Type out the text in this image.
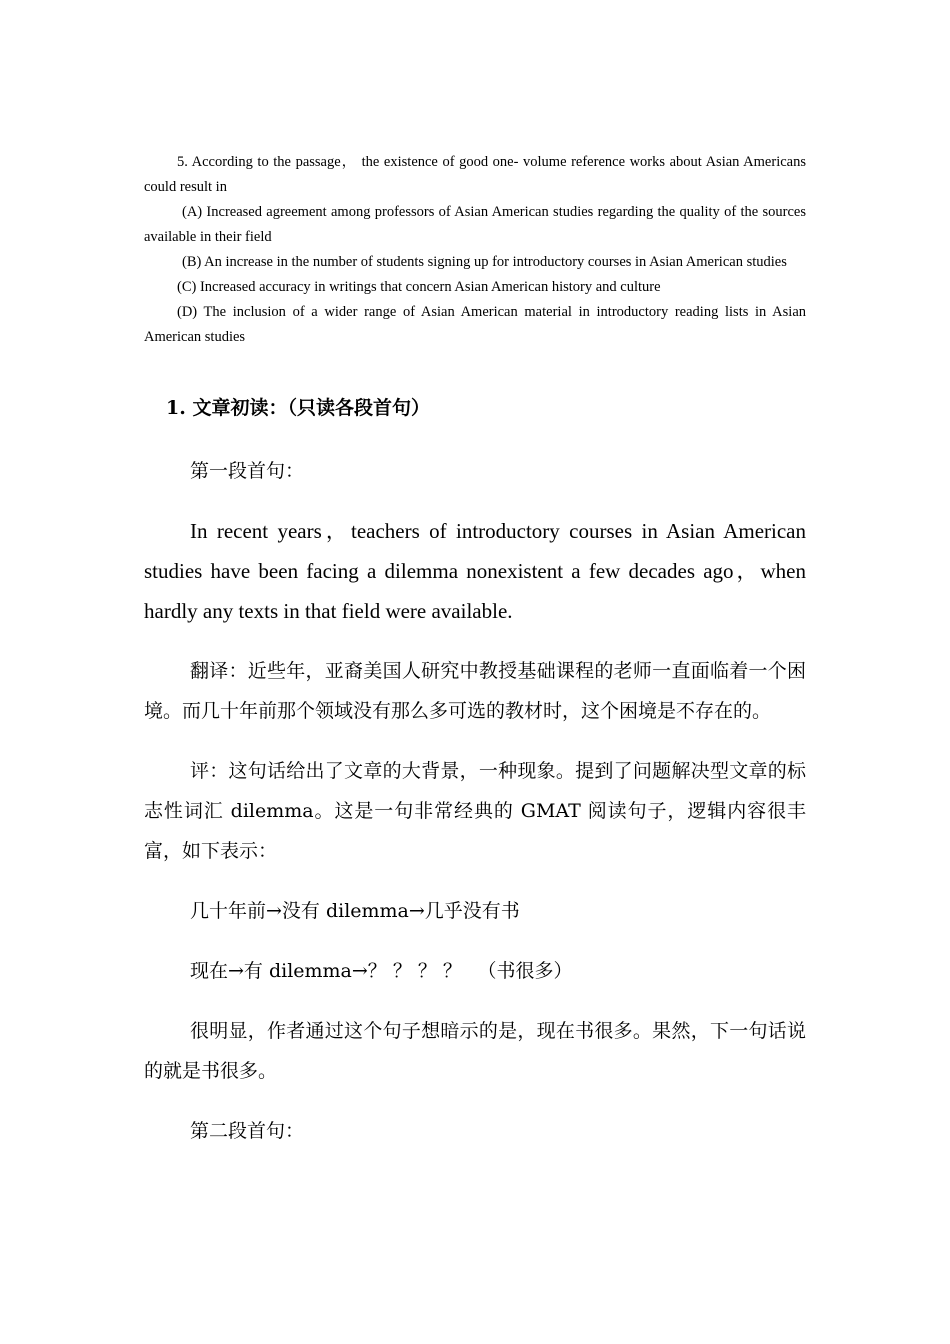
5. According to the passage， the existence of good one- volume reference works about Asian Americans could result in

(A) Increased agreement among professors of Asian American studies regarding the quality of the sources available in their field

(B) An increase in the number of students signing up for introductory courses in Asian American studies

(C) Increased accuracy in writings that concern Asian American history and culture

(D) The inclusion of a wider range of Asian American material in introductory reading lists in Asian American studies

1. 文章初读：（只读各段首句）

第一段首句：

In recent years，teachers of introductory courses in Asian American studies have been facing a dilemma nonexistent a few decades ago，when hardly any texts in that field were available.

翻译：近些年，亚裔美国人研究中教授基础课程的老师一直面临着一个困境。而几十年前那个领域没有那么多可选的教材时，这个困境是不存在的。

评：这句话给出了文章的大背景，一种现象。提到了问题解决型文章的标志性词汇 dilemma。这是一句非常经典的 GMAT 阅读句子，逻辑内容很丰富，如下表示：

几十年前→没有 dilemma→几乎没有书

现在→有 dilemma→？ ？ ？ ？ 　（书很多）

很明显，作者通过这个句子想暗示的是，现在书很多。果然，下一句话说的就是书很多。

第二段首句：
